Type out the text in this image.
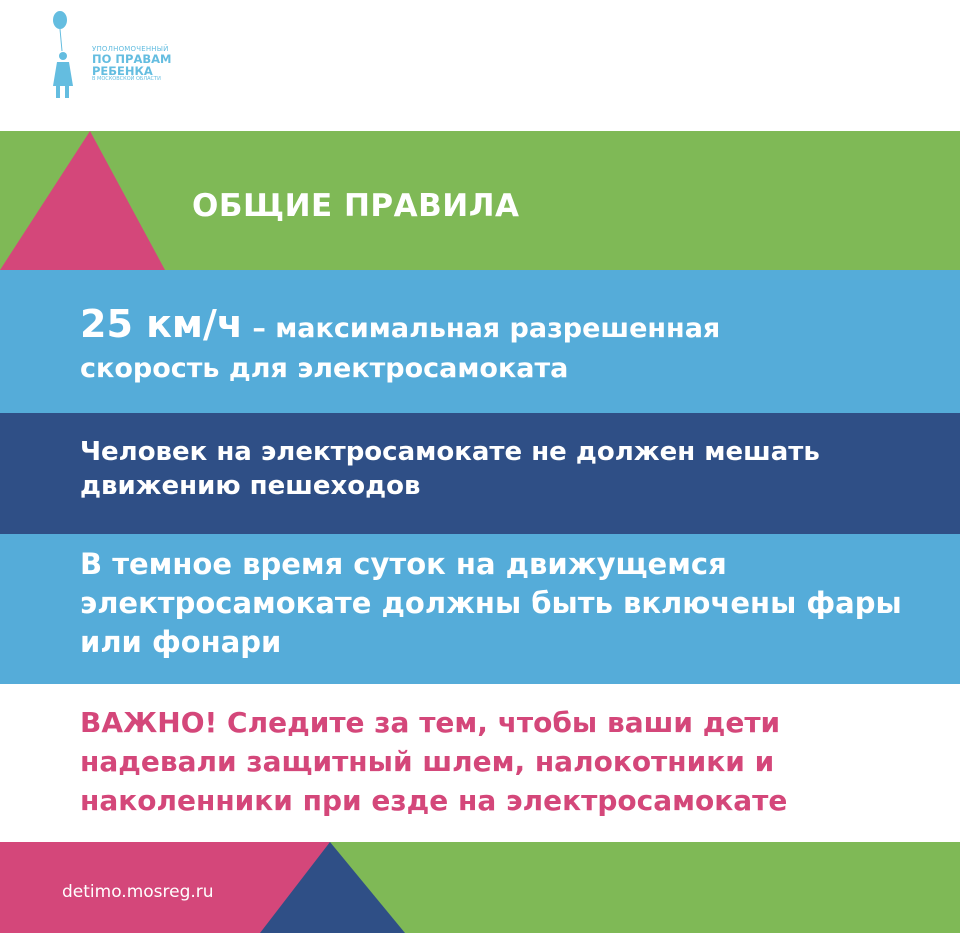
УПОЛНОМОЧЕННЫЙ
ПО ПРАВАМ
РЕБЕНКА
В МОСКОВСКОЙ ОБЛАСТИ
ОБЩИЕ ПРАВИЛА
25 км/ч – максимальная разрешенная
скорость для электросамоката
Человек на электросамокате не должен мешать движению пешеходов
В темное время суток на движущемся электросамокате должны быть включены фары или фонари
ВАЖНО! Следите за тем, чтобы ваши дети надевали защитный шлем, налокотники и наколенники при езде на электросамокате
detimo.mosreg.ru
